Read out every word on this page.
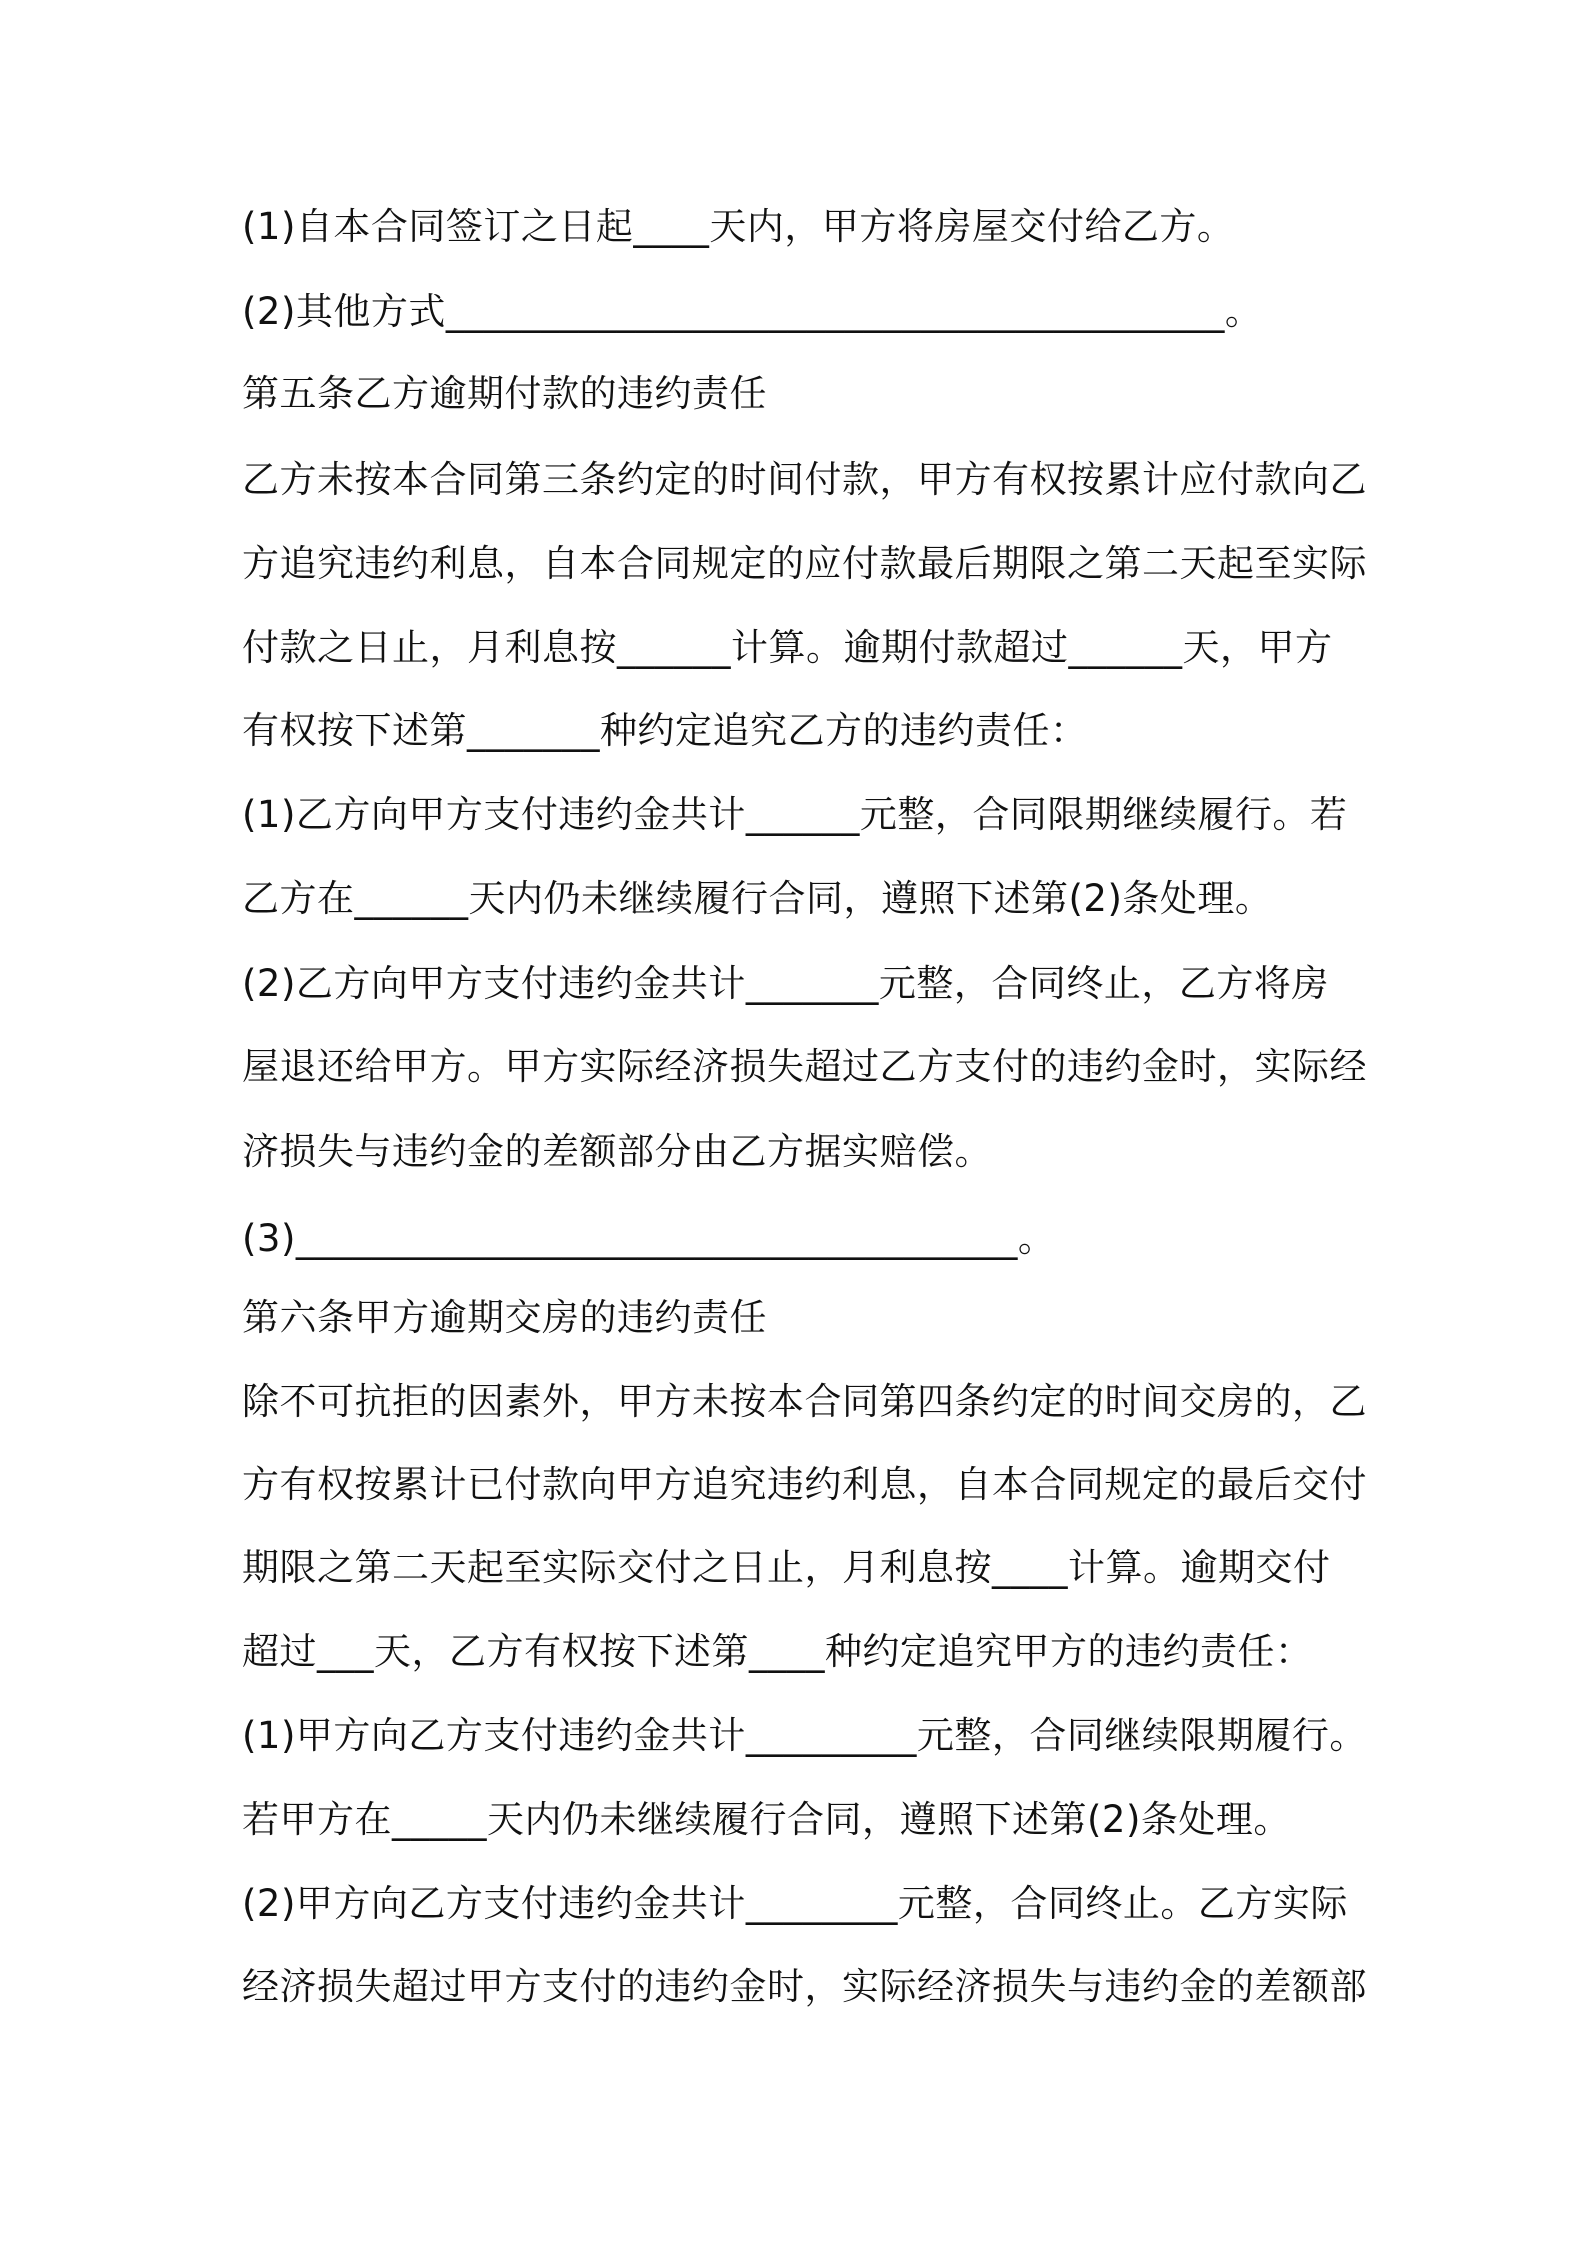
(1)自本合同签订之日起____天内，甲方将房屋交付给乙方。

(2)其他方式_________________________________________。

第五条乙方逾期付款的违约责任

乙方未按本合同第三条约定的时间付款，甲方有权按累计应付款向乙

方追究违约利息，自本合同规定的应付款最后期限之第二天起至实际

付款之日止，月利息按______计算。逾期付款超过______天，甲方

有权按下述第_______种约定追究乙方的违约责任：

(1)乙方向甲方支付违约金共计______元整，合同限期继续履行。若

乙方在______天内仍未继续履行合同，遵照下述第(2)条处理。

(2)乙方向甲方支付违约金共计_______元整，合同终止，乙方将房

屋退还给甲方。甲方实际经济损失超过乙方支付的违约金时，实际经

济损失与违约金的差额部分由乙方据实赔偿。

(3)______________________________________。

第六条甲方逾期交房的违约责任

除不可抗拒的因素外，甲方未按本合同第四条约定的时间交房的，乙

方有权按累计已付款向甲方追究违约利息，自本合同规定的最后交付

期限之第二天起至实际交付之日止，月利息按____计算。逾期交付

超过___天，乙方有权按下述第____种约定追究甲方的违约责任：

(1)甲方向乙方支付违约金共计_________元整，合同继续限期履行。

若甲方在_____天内仍未继续履行合同，遵照下述第(2)条处理。

(2)甲方向乙方支付违约金共计________元整，合同终止。乙方实际

经济损失超过甲方支付的违约金时，实际经济损失与违约金的差额部
